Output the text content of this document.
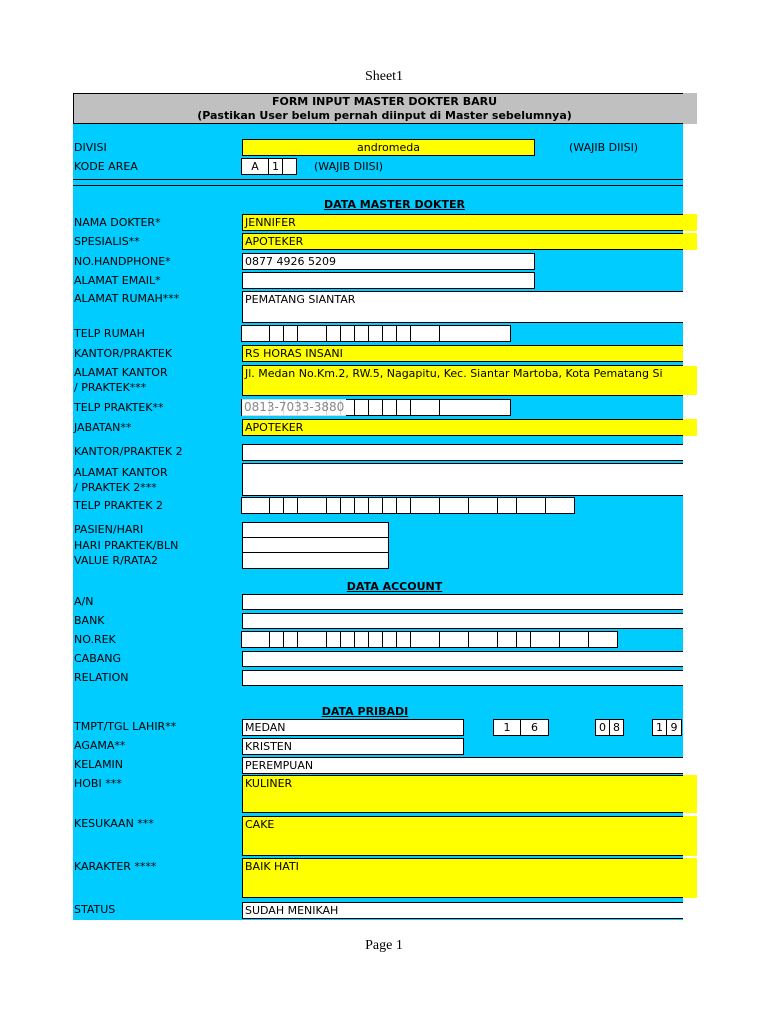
Sheet1
Page 1
FORM INPUT MASTER DOKTER BARU
(Pastikan User belum pernah diinput di Master sebelumnya)
DIVISI	andromeda	(WAJIB DIISI)
KODE AREA	A	1	(WAJIB DIISI)
DATA MASTER DOKTER
NAMA DOKTER*	JENNIFER
SPESIALIS**	APOTEKER
NO.HANDPHONE*	0877 4926 5209
ALAMAT EMAIL*
ALAMAT RUMAH***	PEMATANG SIANTAR
TELP RUMAH
KANTOR/PRAKTEK	RS HORAS INSANI
ALAMAT KANTOR
/ PRAKTEK***
Jl. Medan No.Km.2, RW.5, Nagapitu, Kec. Siantar Martoba, Kota Pematang Si
TELP PRAKTEK**	0813-7033-3880
JABATAN**	APOTEKER
KANTOR/PRAKTEK 2
ALAMAT KANTOR
/ PRAKTEK 2***
TELP PRAKTEK 2
PASIEN/HARI
HARI PRAKTEK/BLN
VALUE R/RATA2
DATA ACCOUNT
A/N
BANK
NO.REK
CABANG
RELATION
DATA PRIBADI
TMPT/TGL LAHIR**	MEDAN	1	6	0 8	1 9
AGAMA**	KRISTEN
KELAMIN	PEREMPUAN
HOBI ***	KULINER
KESUKAAN ***	CAKE
KARAKTER ****	BAIK HATI
STATUS	SUDAH MENIKAH
